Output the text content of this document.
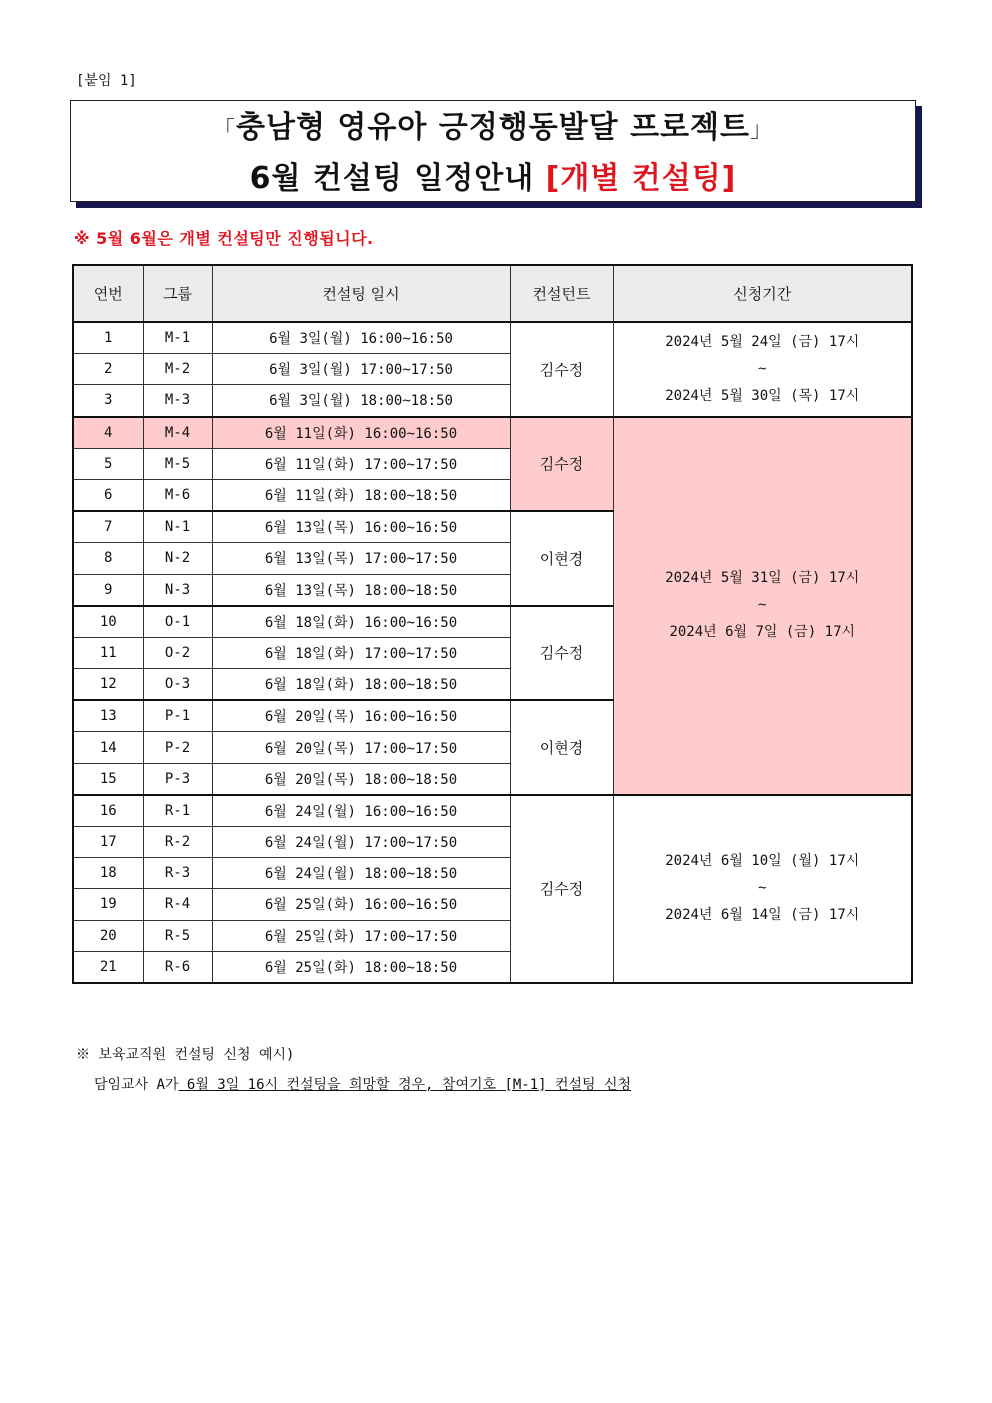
[붙임 1]
「충남형 영유아 긍정행동발달 프로젝트」
6월 컨설팅 일정안내 [개별 컨설팅]
※ 5월 6월은 개별 컨설팅만 진행됩니다.
연번	그룹	컨설팅 일시	컨설턴트	신청기간
1	M-1	6월 3일(월) 16:00~16:50	김수정	2024년 5월 24일 (금) 17시
~
2024년 5월 30일 (목) 17시

2	M-2	6월 3일(월) 17:00~17:50		
3	M-3	6월 3일(월) 18:00~18:50		
4	M-4	6월 11일(화) 16:00~16:50	김수정	2024년 5월 31일 (금) 17시
~
2024년 6월 7일 (금) 17시

5	M-5	6월 11일(화) 17:00~17:50		
6	M-6	6월 11일(화) 18:00~18:50		
7	N-1	6월 13일(목) 16:00~16:50	이현경	
8	N-2	6월 13일(목) 17:00~17:50		
9	N-3	6월 13일(목) 18:00~18:50		
10	O-1	6월 18일(화) 16:00~16:50	김수정	
11	O-2	6월 18일(화) 17:00~17:50		
12	O-3	6월 18일(화) 18:00~18:50		
13	P-1	6월 20일(목) 16:00~16:50	이현경	
14	P-2	6월 20일(목) 17:00~17:50		
15	P-3	6월 20일(목) 18:00~18:50		
16	R-1	6월 24일(월) 16:00~16:50	김수정	2024년 6월 10일 (월) 17시
~
2024년 6월 14일 (금) 17시

17	R-2	6월 24일(월) 17:00~17:50		
18	R-3	6월 24일(월) 18:00~18:50		
19	R-4	6월 25일(화) 16:00~16:50		
20	R-5	6월 25일(화) 17:00~17:50		
21	R-6	6월 25일(화) 18:00~18:50		
※ 보육교직원 컨설팅 신청 예시)
담임교사 A가 6월 3일 16시 컨설팅을 희망할 경우, 참여기호 [M-1] 컨설팅 신청
